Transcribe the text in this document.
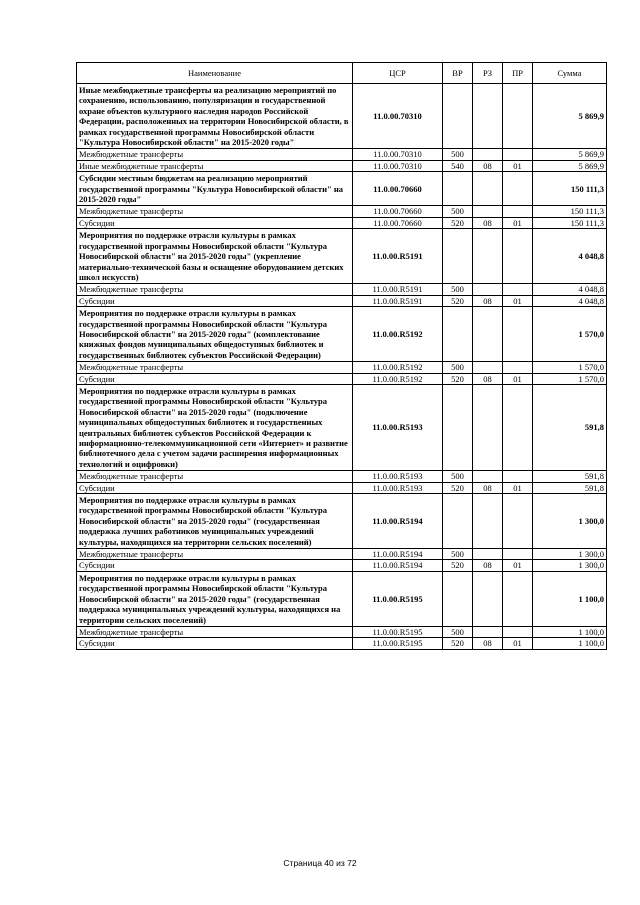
Наименование	ЦСР	ВР	РЗ	ПР	Сумма
Иные межбюджетные трансферты на реализацию мероприятий по сохранению, использованию, популяризации и государственной охране объектов культурного наследия народов Российской Федерации, расположенных на территории Новосибирской области, в рамках государственной программы Новосибирской области "Культура Новосибирской области" на 2015-2020 годы"	11.0.00.70310				5 869,9
Межбюджетные трансферты	11.0.00.70310	500			5 869,9
Иные межбюджетные трансферты	11.0.00.70310	540	08	01	5 869,9
Субсидии местным бюджетам на реализацию мероприятий государственной программы "Культура Новосибирской области" на 2015-2020 годы"	11.0.00.70660				150 111,3
Межбюджетные трансферты	11.0.00.70660	500			150 111,3
Субсидии	11.0.00.70660	520	08	01	150 111,3
Мероприятия по поддержке отрасли культуры в рамках государственной программы Новосибирской области "Культура Новосибирской области" на 2015-2020 годы" (укрепление материально-технической базы и оснащение оборудованием детских школ искусств)	11.0.00.R5191				4 048,8
Межбюджетные трансферты	11.0.00.R5191	500			4 048,8
Субсидии	11.0.00.R5191	520	08	01	4 048,8
Мероприятия по поддержке отрасли культуры в рамках государственной программы Новосибирской области "Культура Новосибирской области" на 2015-2020 годы" (комплектование книжных фондов муниципальных общедоступных библиотек и государственных библиотек субъектов Российской Федерации)	11.0.00.R5192				1 570,0
Межбюджетные трансферты	11.0.00.R5192	500			1 570,0
Субсидии	11.0.00.R5192	520	08	01	1 570,0
Мероприятия по поддержке отрасли культуры в рамках государственной программы Новосибирской области "Культура Новосибирской области" на 2015-2020 годы" (подключение муниципальных общедоступных библиотек и государственных центральных библиотек субъектов Российской Федерации к информационно-телекоммуникационной сети «Интернет» и развитие библиотечного дела с учетом задачи расширения информационных технологий и оцифровки)	11.0.00.R5193				591,8
Межбюджетные трансферты	11.0.00.R5193	500			591,8
Субсидии	11.0.00.R5193	520	08	01	591,8
Мероприятия по поддержке отрасли культуры в рамках государственной программы Новосибирской области "Культура Новосибирской области" на 2015-2020 годы" (государственная поддержка лучших работников муниципальных учреждений культуры, находящихся на территории сельских поселений)	11.0.00.R5194				1 300,0
Межбюджетные трансферты	11.0.00.R5194	500			1 300,0
Субсидии	11.0.00.R5194	520	08	01	1 300,0
Мероприятия по поддержке отрасли культуры в рамках государственной программы Новосибирской области "Культура Новосибирской области" на 2015-2020 годы" (государственная поддержка муниципальных учреждений культуры, находящихся на территории сельских поселений)	11.0.00.R5195				1 100,0
Межбюджетные трансферты	11.0.00.R5195	500			1 100,0
Субсидии	11.0.00.R5195	520	08	01	1 100,0
Страница 40 из 72
